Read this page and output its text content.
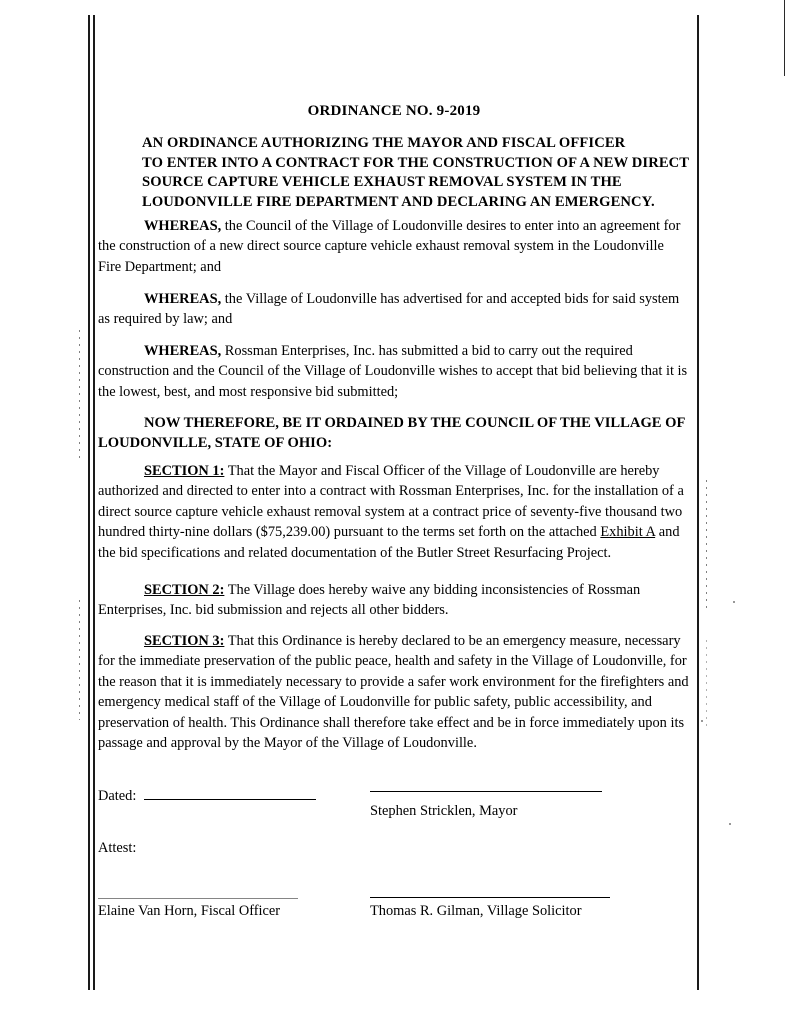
ORDINANCE NO. 9-2019
AN ORDINANCE AUTHORIZING THE MAYOR AND FISCAL OFFICER
TO ENTER INTO A CONTRACT FOR THE CONSTRUCTION OF A NEW DIRECT
SOURCE CAPTURE VEHICLE EXHAUST REMOVAL SYSTEM IN THE
LOUDONVILLE FIRE DEPARTMENT AND DECLARING AN EMERGENCY.
WHEREAS, the Council of the Village of Loudonville desires to enter into an agreement for the construction of a new direct source capture vehicle exhaust removal system in the Loudonville Fire Department; and
WHEREAS, the Village of Loudonville has advertised for and accepted bids for said system as required by law; and
WHEREAS, Rossman Enterprises, Inc. has submitted a bid to carry out the required construction and the Council of the Village of Loudonville wishes to accept that bid believing that it is the lowest, best, and most responsive bid submitted;
NOW THEREFORE, BE IT ORDAINED BY THE COUNCIL OF THE VILLAGE OF LOUDONVILLE, STATE OF OHIO:
SECTION 1: That the Mayor and Fiscal Officer of the Village of Loudonville are hereby authorized and directed to enter into a contract with Rossman Enterprises, Inc. for the installation of a direct source capture vehicle exhaust removal system at a contract price of seventy-five thousand two hundred thirty-nine dollars ($75,239.00) pursuant to the terms set forth on the attached Exhibit A and the bid specifications and related documentation of the Butler Street Resurfacing Project.
SECTION 2: The Village does hereby waive any bidding inconsistencies of Rossman Enterprises, Inc. bid submission and rejects all other bidders.
SECTION 3: That this Ordinance is hereby declared to be an emergency measure, necessary for the immediate preservation of the public peace, health and safety in the Village of Loudonville, for the reason that it is immediately necessary to provide a safer work environment for the firefighters and emergency medical staff of the Village of Loudonville for public safety, public accessibility, and preservation of health. This Ordinance shall therefore take effect and be in force immediately upon its passage and approval by the Mayor of the Village of Loudonville.
Dated:
Stephen Stricklen, Mayor
Attest:
Elaine Van Horn, Fiscal Officer	Thomas R. Gilman, Village Solicitor
